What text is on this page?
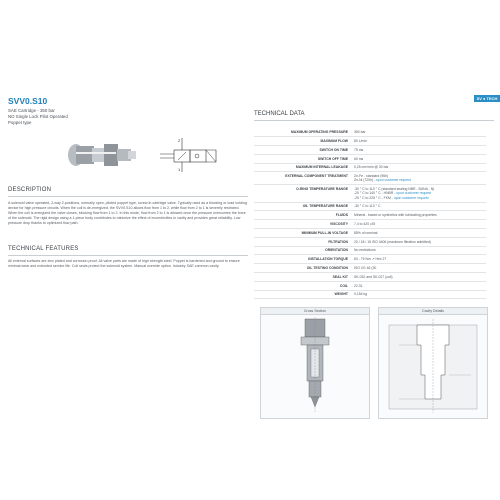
SV ● TECH
SVV0.S10
SAE Cartridge - 350 bar
NO Single Lock Pilot Operated
Poppet type
2
1
DESCRIPTION
A solenoid valve operated, 2-way 2-positions, normally open, piloted poppet type, screw-in cartridge valve. Typically used as a blocking or load holding device for high pressure circuits. When the coil is de-energized, the SVV0.S10 allows flow from 1 to 2, while flow from 2 to 1 is severely restricted. When the coil is energized the valve closes, blocking flow from 1 to 2. In this mode, flow from 2 to 1 is allowed once the pressure overcomes the force of the solenoid. The rigid design using a 1-piece body contributes to minimize the effect of eccentricities in cavity and provides great reliability. Low pressure drop thanks to optimized flow path.
TECHNICAL FEATURES
All external surfaces are zinc plated and corrosion proof. All valve parts are made of high strength steel. Poppet is hardened and ground to ensure minimal wear and extended service life. Coil seals protect the solenoid system. Manual override option. Industry SAE common cavity.
TECHNICAL DATA
MAXIMUM OPERATING PRESSURE	350 bar
MAXIMUM FLOW	80 L/min
SWITCH ON TIME	75 ms
SWITCH OFF TIME	60 ms
MAXIMUM INTERNAL LEAKAGE	0,25 cm³/min @ 30 bar
EXTERNAL COMPONENT TREATMENT	Zn-Fe - standard (96h)
Zn-Ni (720h) - upon customer request

O-RING TEMPERATURE RANGE	-30 ° C to 110 ° C (standard sealing NBR - BUNA - N)
-20 ° C to 140 ° C - HNBR - upon customer request
-25 ° C to 225 ° C - FKM - upon customer request

OIL TEMPERATURE RANGE	-30 ° C to 110 ° C
FLUIDS	Mineral - based or synthetics with lubricating properties
VISCOSITY	7,4 to 420 cSt
MINIMUM PULL-IN VOLTAGE	85% of nominal
FILTRATION	20 / 18 / 15 ISO 4406 (maximum filtration admitted)
ORIENTATION	No restrictions
INSTALLATION TORQUE	63 - 75 Nm ↗ Hex 27
OIL TESTING CONDITION	ISO VG 46 (30
SEAL KIT	SK-032 and SK-027 (coil)
COIL	22.31
WEIGHT	0,154 kg
Cross Section	Cavity Details
